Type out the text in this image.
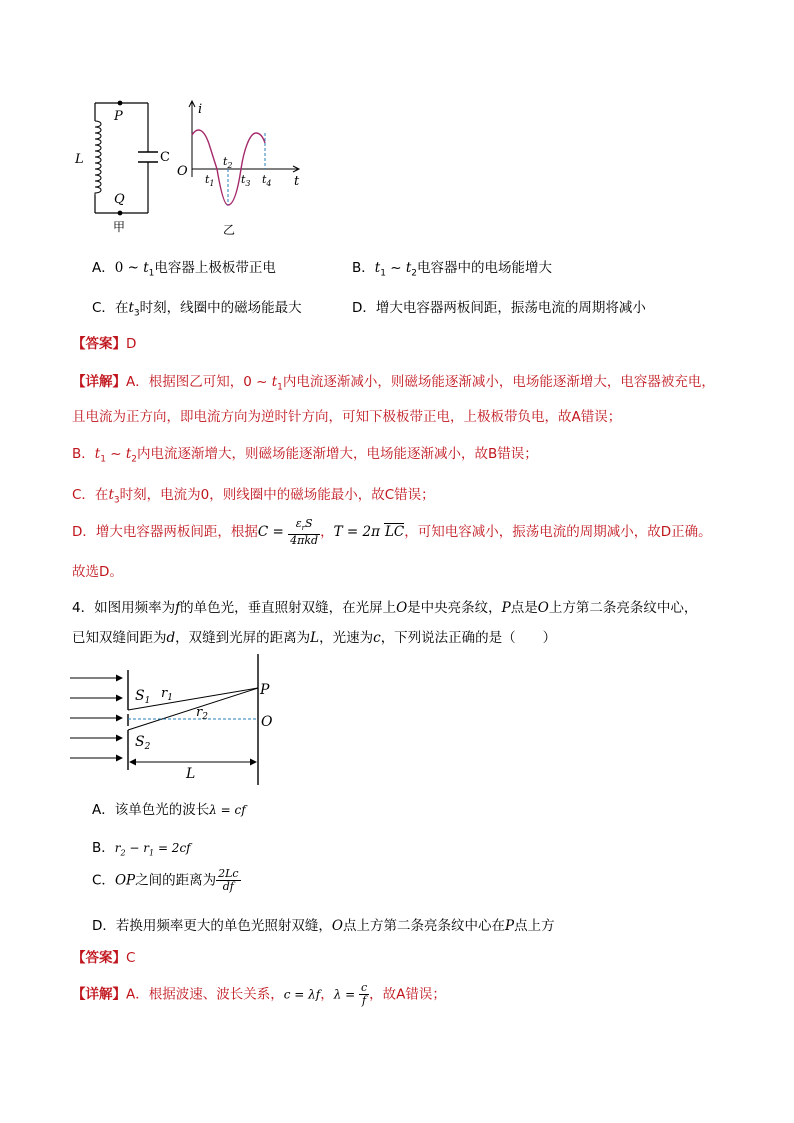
P
Q
L	C
甲
i
t
O
$t_1$
$t_2$
$t_3$ $t_4$
乙
A．0 ~ $t_1$电容器上极板带正电	B．$t_1$ ~ $t_2$电容器中的电场能增大
C．在$t_3$时刻，线圈中的磁场能最大	D．增大电容器两板间距，振荡电流的周期将减小
【答案】D
【详解】A．根据图乙可知，0 ~ $t_1$内电流逐渐减小，则磁场能逐渐减小，电场能逐渐增大，电容器被充电，
且电流为正方向，即电流方向为逆时针方向，可知下极板带正电，上极板带负电，故A错误；
B．$t_1$ ~ $t_2$内电流逐渐增大，则磁场能逐渐增大，电场能逐渐减小，故B错误；
C．在$t_3$时刻，电流为0，则线圈中的磁场能最小，故C错误；
D．增大电容器两板间距，根据$C = \frac{\varepsilon_rS}{\text{4πkd}}$ ，T = 2π LC，可知电容减小，振荡电流的周期减小，故D正确。
故选D。
4．如图用频率为f的单色光，垂直照射双缝，在光屏上O是中央亮条纹，P点是O上方第二条亮条纹中心，
已知双缝间距为d，双缝到光屏的距离为L，光速为c，下列说法正确的是（　　）
$S_1$
$S_2$
$r_1$
$r_2$
P
O
L
A．该单色光的波长λ = cf
B．$r_2 - r_1 = 2cf$
C．OP之间的距离为 $\frac{2Lc}{df}$
D．若换用频率更大的单色光照射双缝，O点上方第二条亮条纹中心在P点上方
【答案】C
【详解】A．根据波速、波长关系，c = λf，$\lambda = \frac{c}{f}$ ，故A错误；
